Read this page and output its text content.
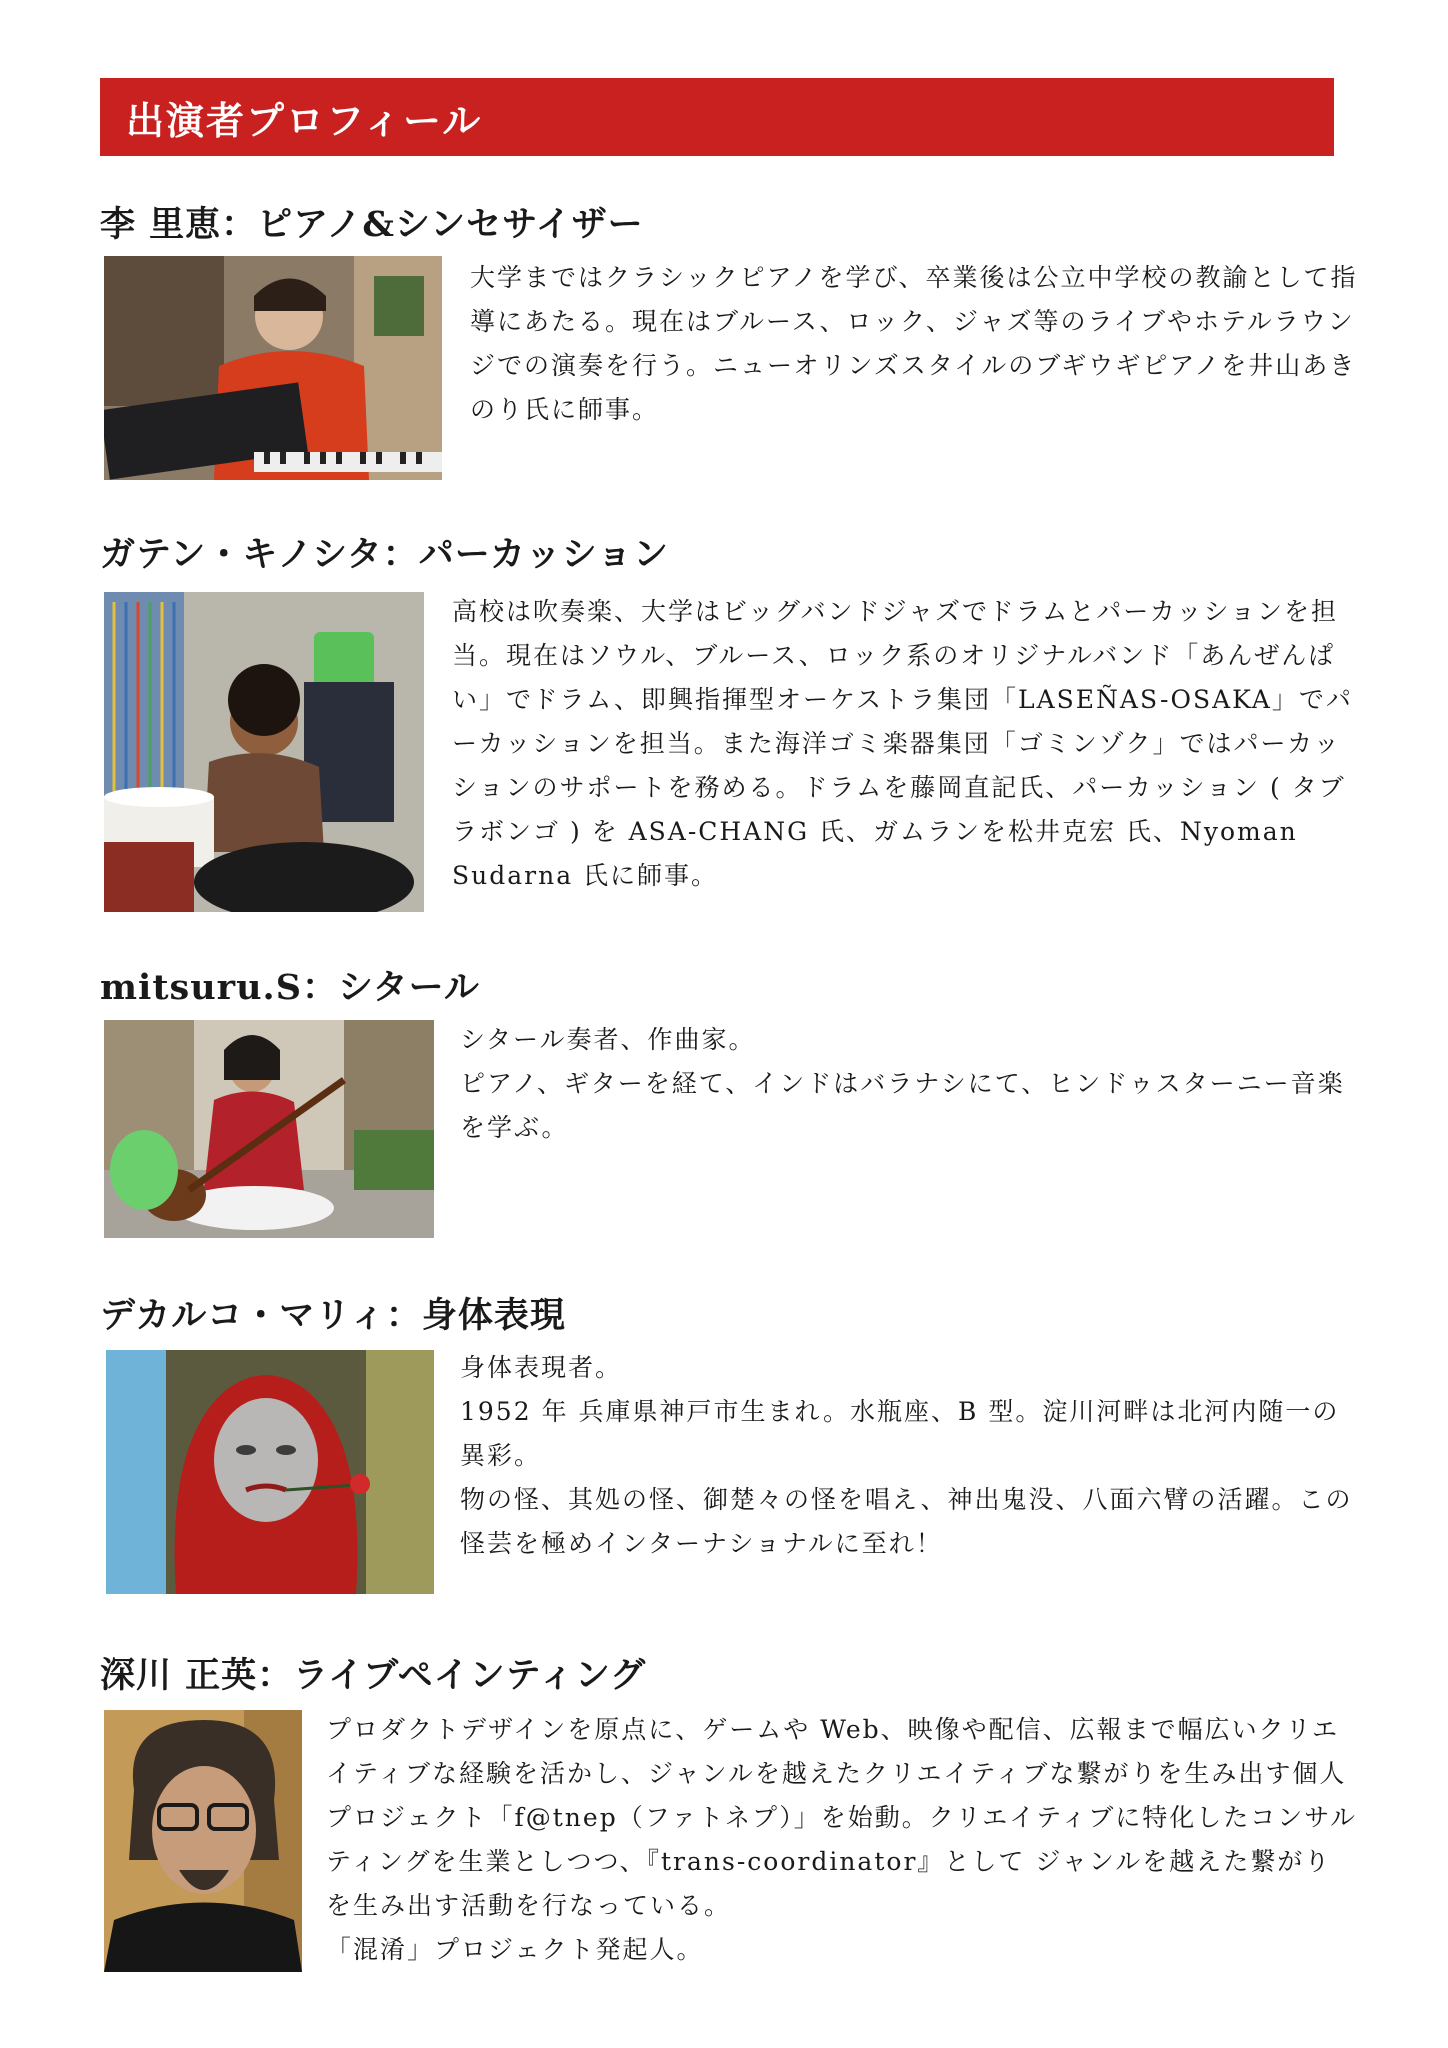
出演者プロフィール
李 里恵：ピアノ&シンセサイザー

大学まではクラシックピアノを学び、卒業後は公立中学校の教諭として指導にあたる。現在はブルース、ロック、ジャズ等のライブやホテルラウンジでの演奏を行う。ニューオリンズスタイルのブギウギピアノを井山あきのり氏に師事。

ガテン・キノシタ：パーカッション

高校は吹奏楽、大学はビッグバンドジャズでドラムとパーカッションを担当。現在はソウル、ブルース、ロック系のオリジナルバンド「あんぜんぱい」でドラム、即興指揮型オーケストラ集団「LASEÑAS-OSAKA」でパーカッションを担当。また海洋ゴミ楽器集団「ゴミンゾク」ではパーカッションのサポートを務める。ドラムを藤岡直記氏、パーカッション ( タブラボンゴ ) を ASA-CHANG 氏、ガムランを松井克宏 氏、Nyoman Sudarna 氏に師事。

mitsuru.S：シタール

シタール奏者、作曲家。

ピアノ、ギターを経て、インドはバラナシにて、ヒンドゥスターニー音楽を学ぶ。

デカルコ・マリィ：身体表現

身体表現者。

1952 年 兵庫県神戸市生まれ。水瓶座、B 型。淀川河畔は北河内随一の異彩。

物の怪、其処の怪、御楚々の怪を唱え、神出鬼没、八面六臂の活躍。この怪芸を極めインターナショナルに至れ！

深川 正英：ライブペインティング

プロダクトデザインを原点に、ゲームや Web、映像や配信、広報まで幅広いクリエイティブな経験を活かし、ジャンルを越えたクリエイティブな繋がりを生み出す個人プロジェクト「f@tnep（ファトネプ）」を始動。クリエイティブに特化したコンサルティングを生業としつつ、『trans-coordinator』として ジャンルを越えた繋がりを生み出す活動を行なっている。

「混淆」プロジェクト発起人。
